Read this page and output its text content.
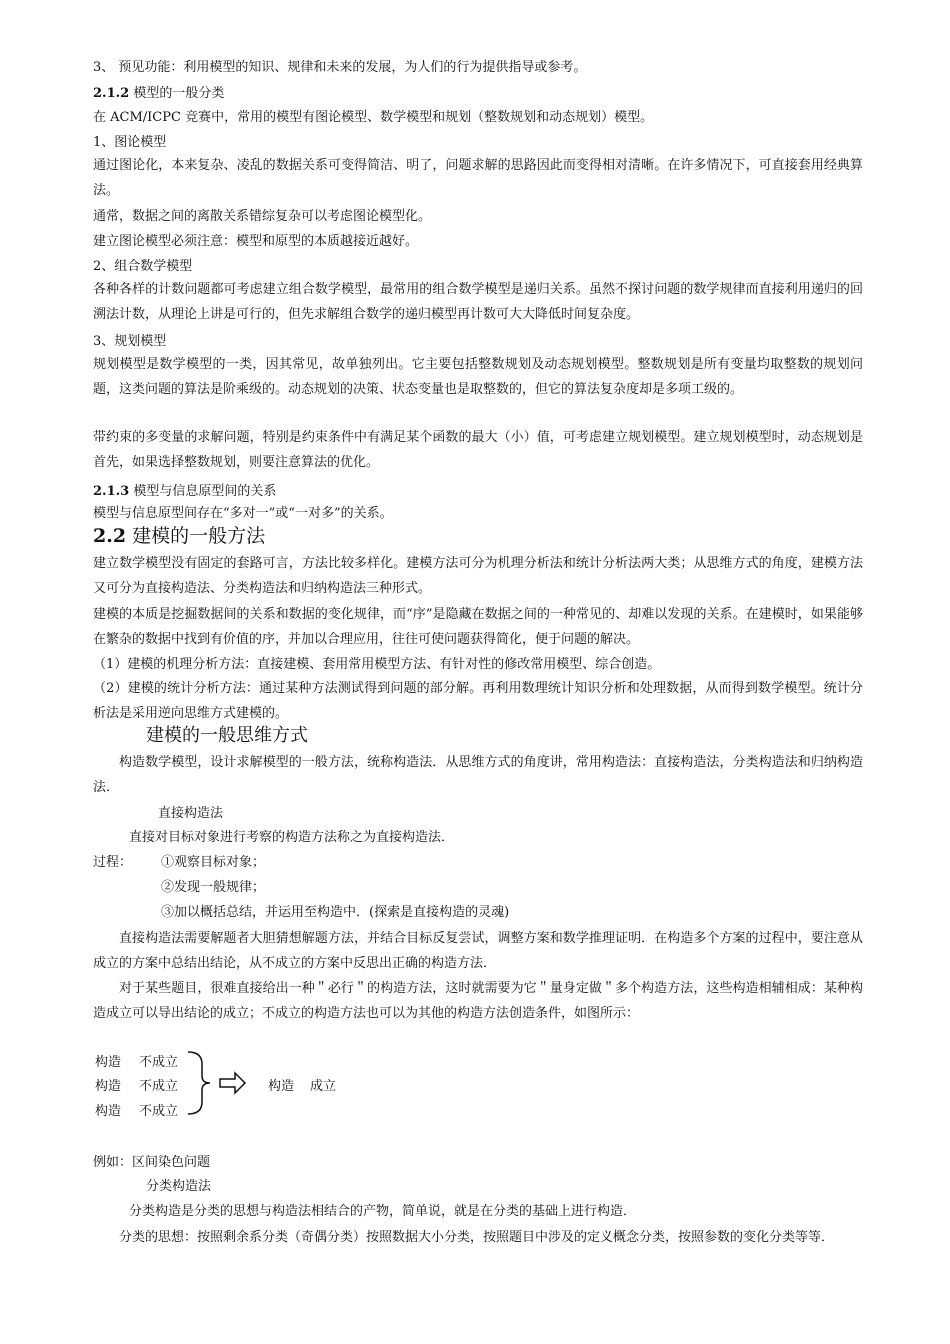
3、 预见功能：利用模型的知识、规律和未来的发展，为人们的行为提供指导或参考。
2.1.2 模型的一般分类
在 ACM/ICPC 竞赛中，常用的模型有图论模型、数学模型和规划（整数规划和动态规划）模型。
1、图论模型
通过图论化，本来复杂、凌乱的数据关系可变得简洁、明了，问题求解的思路因此而变得相对清晰。在许多情况下，可直接套用经典算法。
通常，数据之间的离散关系错综复杂可以考虑图论模型化。
建立图论模型必须注意：模型和原型的本质越接近越好。
2、组合数学模型
各种各样的计数问题都可考虑建立组合数学模型，最常用的组合数学模型是递归关系。虽然不探讨问题的数学规律而直接利用递归的回溯法计数，从理论上讲是可行的，但先求解组合数学的递归模型再计数可大大降低时间复杂度。
3、规划模型
规划模型是数学模型的一类，因其常见，故单独列出。它主要包括整数规划及动态规划模型。整数规划是所有变量均取整数的规划问题，这类问题的算法是阶乘级的。动态规划的决策、状态变量也是取整数的，但它的算法复杂度却是多项工级的。
带约束的多变量的求解问题，特别是约束条件中有满足某个函数的最大（小）值，可考虑建立规划模型。建立规划模型时，动态规划是首先，如果选择整数规划，则要注意算法的优化。
2.1.3 模型与信息原型间的关系
模型与信息原型间存在“多对一”或“一对多”的关系。
2.2 建模的一般方法
建立数学模型没有固定的套路可言，方法比较多样化。建模方法可分为机理分析法和统计分析法两大类；从思维方式的角度，建模方法又可分为直接构造法、分类构造法和归纳构造法三种形式。
建模的本质是挖掘数据间的关系和数据的变化规律，而“序”是隐藏在数据之间的一种常见的、却难以发现的关系。在建模时，如果能够在繁杂的数据中找到有价值的序，并加以合理应用，往往可使问题获得简化，便于问题的解决。
（1）建模的机理分析方法：直接建模、套用常用模型方法、有针对性的修改常用模型、综合创造。
（2）建模的统计分析方法：通过某种方法测试得到问题的部分解。再利用数理统计知识分析和处理数据，从而得到数学模型。统计分析法是采用逆向思维方式建模的。
建模的一般思维方式
构造数学模型，设计求解模型的一般方法，统称构造法．从思维方式的角度讲，常用构造法：直接构造法，分类构造法和归纳构造法．
直接构造法
直接对目标对象进行考察的构造方法称之为直接构造法．
过程： ①观察目标对象；
②发现一般规律；
③加以概括总结，并运用至构造中．(探索是直接构造的灵魂)
直接构造法需要解题者大胆猜想解题方法，并结合目标反复尝试，调整方案和数学推理证明．在构造多个方案的过程中，要注意从成立的方案中总结出结论，从不成立的方案中反思出正确的构造方法．
对于某些题目，很难直接给出一种＂必行＂的构造方法，这时就需要为它＂量身定做＂多个构造方法，这些构造相辅相成：某种构造成立可以导出结论的成立；不成立的构造方法也可以为其他的构造方法创造条件，如图所示：
构造 不成立
构造 不成立
构造 不成立
构造 成立
例如：区间染色问题
分类构造法
分类构造是分类的思想与构造法相结合的产物，简单说，就是在分类的基础上进行构造．
分类的思想：按照剩余系分类（奇偶分类）按照数据大小分类，按照题目中涉及的定义概念分类，按照参数的变化分类等等．
